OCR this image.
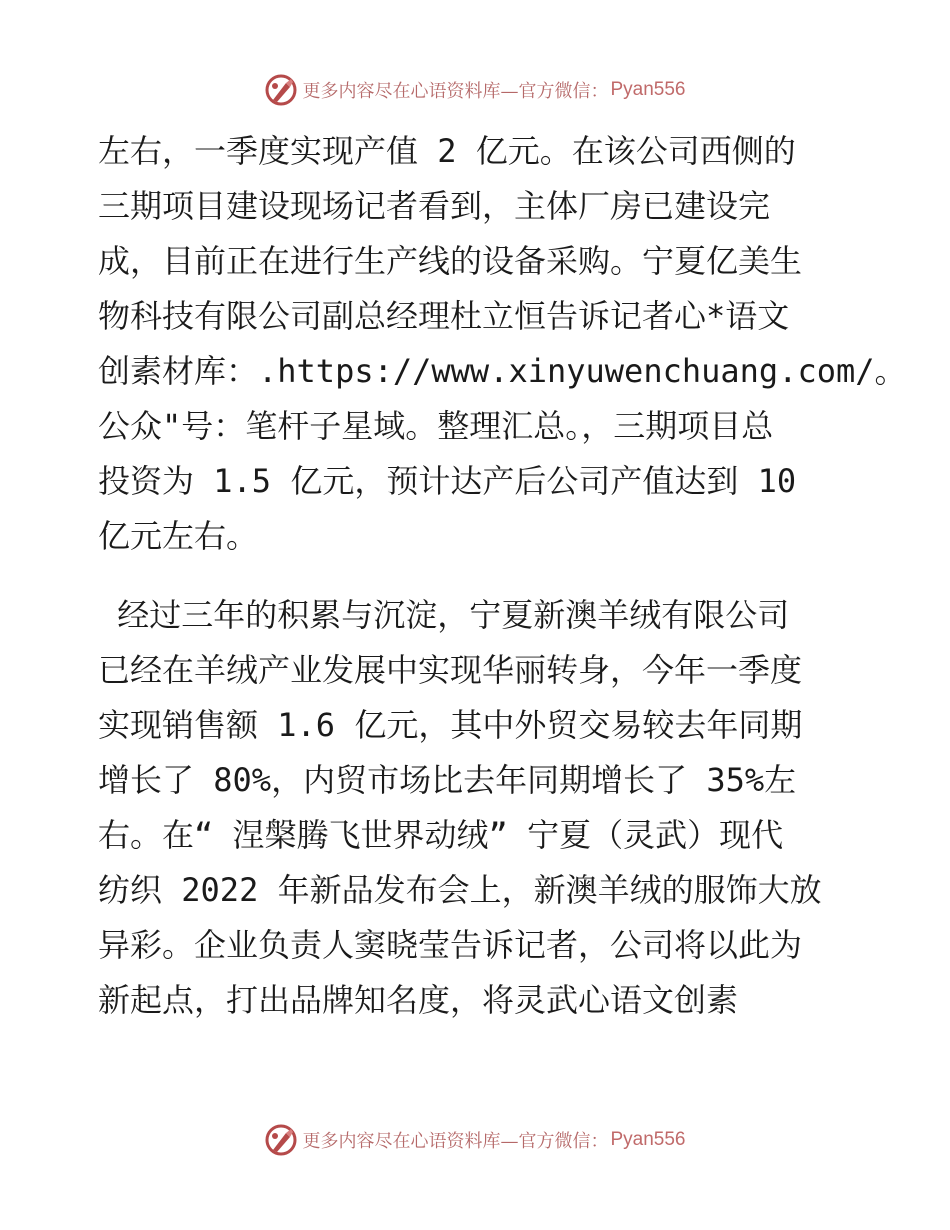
更多内容尽在心语资料库—官方微信： Pyan556
左右，一季度实现产值 2 亿元。在该公司西侧的
三期项目建设现场记者看到，主体厂房已建设完
成，目前正在进行生产线的设备采购。宁夏亿美生
物科技有限公司副总经理杜立恒告诉记者心*语文
创素材库：.https://www.xinyuwenchuang.com/。
公众"号：笔杆子星域。整理汇总。，三期项目总
投资为 1.5 亿元，预计达产后公司产值达到 10
亿元左右。
经过三年的积累与沉淀，宁夏新澳羊绒有限公司
已经在羊绒产业发展中实现华丽转身，今年一季度
实现销售额 1.6 亿元，其中外贸交易较去年同期
增长了 80%，内贸市场比去年同期增长了 35%左
右。在“ 涅槃腾飞世界动绒” 宁夏（灵武）现代
纺织 2022 年新品发布会上，新澳羊绒的服饰大放
异彩。企业负责人窦晓莹告诉记者，公司将以此为
新起点，打出品牌知名度，将灵武心语文创素
更多内容尽在心语资料库—官方微信： Pyan556
